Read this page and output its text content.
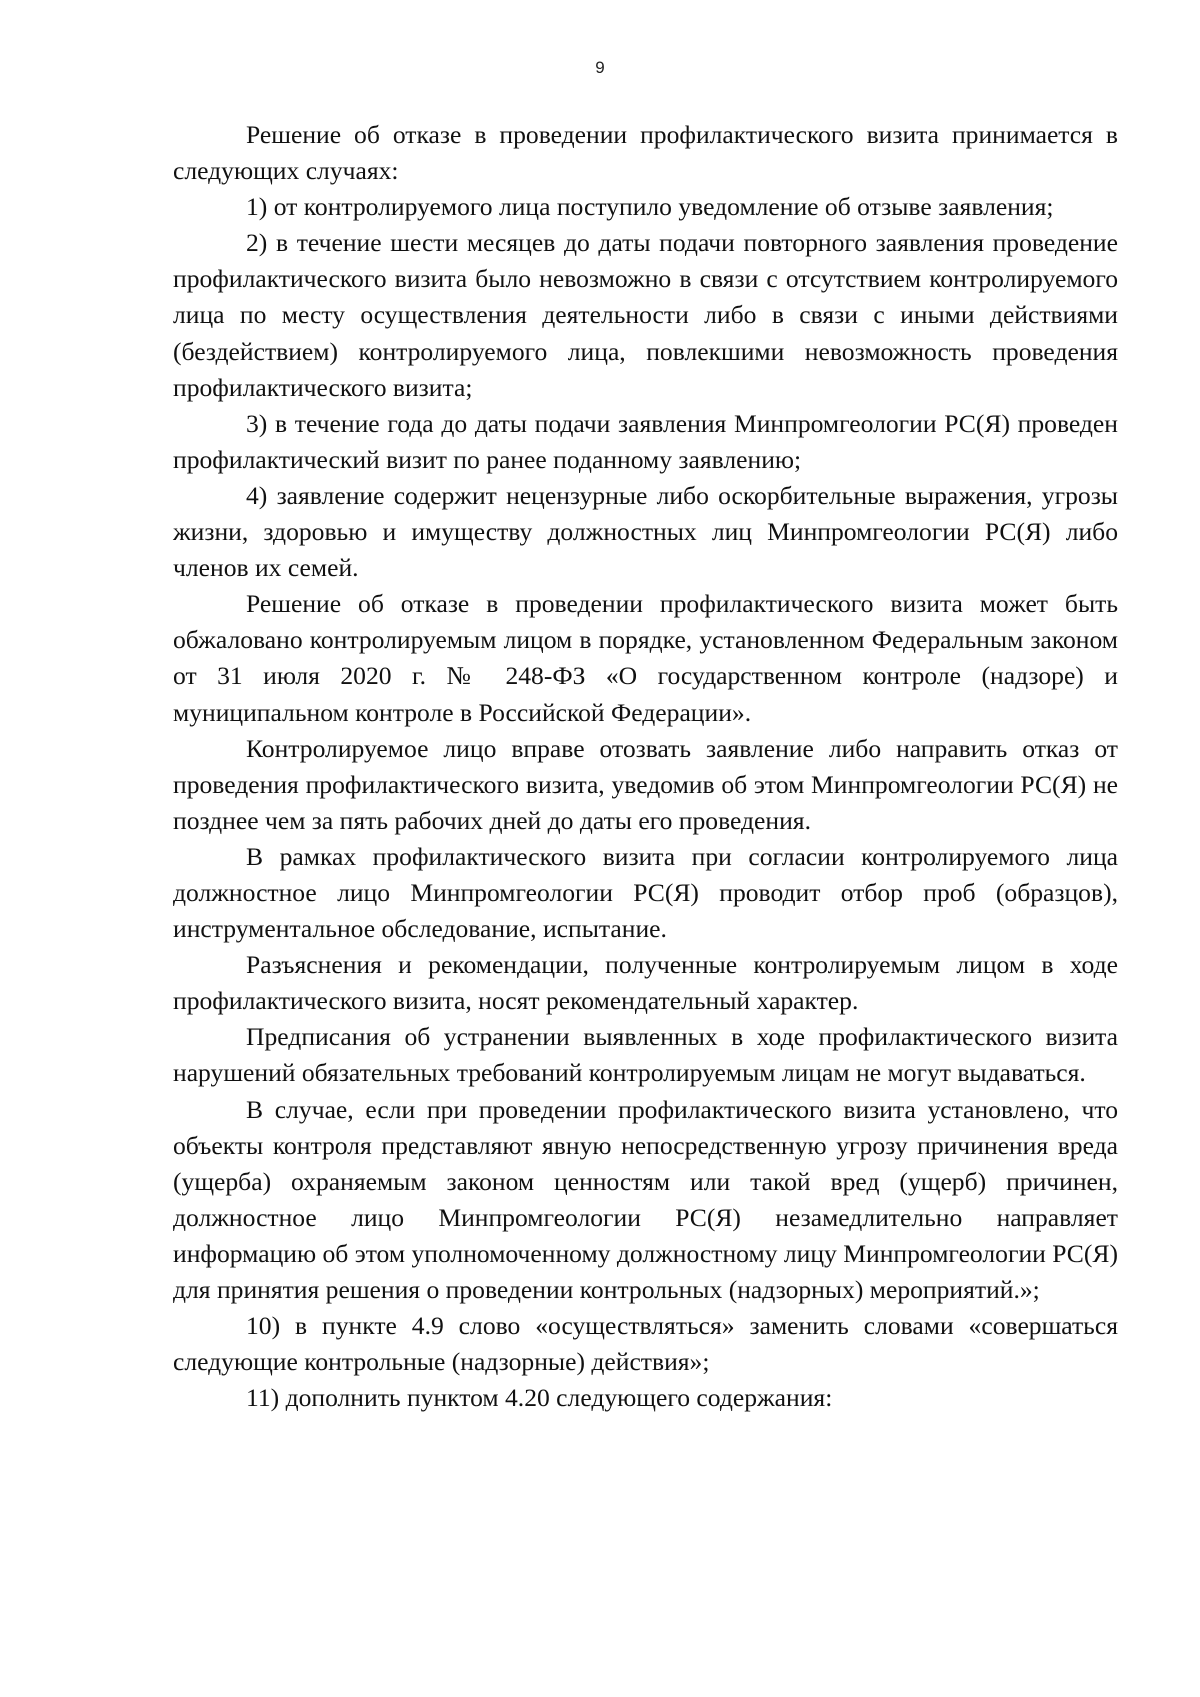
9

Решение об отказе в проведении профилактического визита принимается в следующих случаях:

1) от контролируемого лица поступило уведомление об отзыве заявления;

2) в течение шести месяцев до даты подачи повторного заявления проведение профилактического визита было невозможно в связи с отсутствием контролируемого лица по месту осуществления деятельности либо в связи с иными действиями (бездействием) контролируемого лица, повлекшими невозможность проведения профилактического визита;

3) в течение года до даты подачи заявления Минпромгеологии РС(Я) проведен профилактический визит по ранее поданному заявлению;

4) заявление содержит нецензурные либо оскорбительные выражения, угрозы жизни, здоровью и имуществу должностных лиц Минпромгеологии РС(Я) либо членов их семей.

Решение об отказе в проведении профилактического визита может быть обжаловано контролируемым лицом в порядке, установленном Федеральным законом от 31 июля 2020 г. № 248-ФЗ «О государственном контроле (надзоре) и муниципальном контроле в Российской Федерации».

Контролируемое лицо вправе отозвать заявление либо направить отказ от проведения профилактического визита, уведомив об этом Минпромгеологии РС(Я) не позднее чем за пять рабочих дней до даты его проведения.

В рамках профилактического визита при согласии контролируемого лица должностное лицо Минпромгеологии РС(Я) проводит отбор проб (образцов), инструментальное обследование, испытание.

Разъяснения и рекомендации, полученные контролируемым лицом в ходе профилактического визита, носят рекомендательный характер.

Предписания об устранении выявленных в ходе профилактического визита нарушений обязательных требований контролируемым лицам не могут выдаваться.

В случае, если при проведении профилактического визита установлено, что объекты контроля представляют явную непосредственную угрозу причинения вреда (ущерба) охраняемым законом ценностям или такой вред (ущерб) причинен, должностное лицо Минпромгеологии РС(Я) незамедлительно направляет информацию об этом уполномоченному должностному лицу Минпромгеологии РС(Я) для принятия решения о проведении контрольных (надзорных) мероприятий.»;

10) в пункте 4.9 слово «осуществляться» заменить словами «совершаться следующие контрольные (надзорные) действия»;

11) дополнить пунктом 4.20 следующего содержания:
